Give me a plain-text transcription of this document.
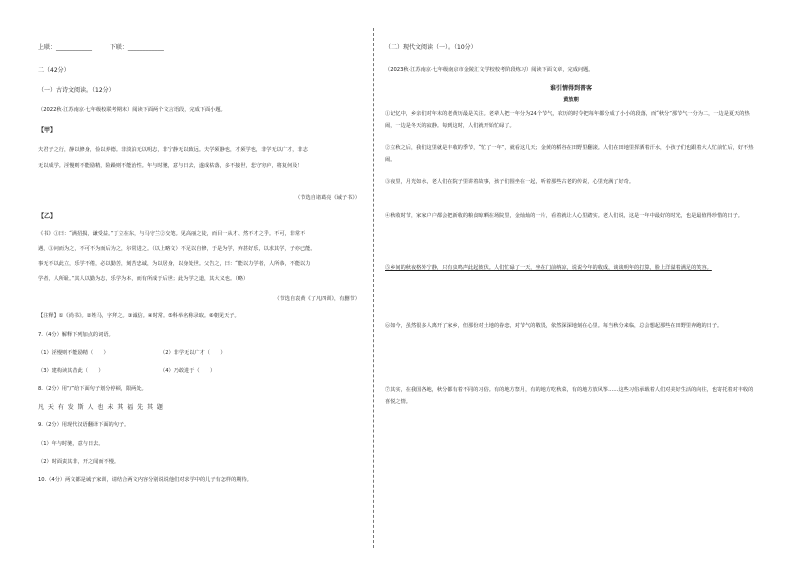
上联：____________	下联：____________
二（42分）
（一）古诗文阅读。（12分）
（2022秋·江苏南京·七年级校联考期末）阅读下面两个文言语段，完成下面小题。
【甲】
夫君子之行，静以修身，俭以养德。非淡泊无以明志，非宁静无以致远。夫学须静也，才须学也，非学无以广才，非志
无以成学。淫慢则不能励精，险躁则不能治性。年与时驰，意与日去，遂成枯落，多不接世，悲守穷庐，将复何及！
（节选自诸葛亮《诫子书》）
【乙】
《书》①曰：“满招损，谦受益。”丁立在东，与马守兰②交笔。见高丽之徒，而目一从才、然不才之乎。不可，非常不
遇，③问而为之，不可不为而后为之，尔常进之。（以上略文）不足以自修，于是为学，弃甚好乐，以求其学，子亦已能。
事无不以此立，乐学不倦，必以勤苦，刻苦忠诚，为以居身，以身处世。父告之，曰：“能以力学者，人所恭，不能以力
学者，人所耻。”其人以勤为志，乐学为本，而有所成于后世；此为学之道，其大义也。（略）
（节选自袁黄《了凡四训》，有删节）
【注释】①《尚书》。②姓马，字拜之。③诚信。④时常。⑤科举名称录取。⑥朝见天子。
7.（4分）解释下列加点的词语。
（1）淫慢则不能励精（　　）	（2）非学无以广才（　　）
（3）建构读其昔此（　　）	（4）乃敢进于（　　）
8.（2分）用“/”给下面句子划分停顿，限两处。
凡 天 有 发 斯 人 也 未 其 福 先 其 题
9.（2分）用现代汉语翻译下面的句子。
（1）年与时驰，意与日去。
（2）时面责其非，开之闻而不慢。
10.（4分）两文都是诫子家训，请结合两文内容分别说说他们对求学中的儿子有怎样的期待。
（二）现代文阅读（一）。（10分）
（2023秋·江苏南京·七年级南京市金陵汇文学校校考阶段练习）阅读下面文章，完成问题。
谁引情得到普客
黄放朝
①记忆中，乡亲们对年末的老黄历最是关注。老辈人把一年分为24个节气，农历的时令把每年都分成了小小的段落，而“秋分”那节气一分为二，一边是夏天的热闹，一边是冬天的寂静。每到这时，人们就开始忙碌了。
②立秋之后，我们这里就是丰收的季节，“忙了一年”，就看这几天；金黄的稻谷在田野里翻滚。人们在田地里挥洒着汗水，小孩子们也跟着大人忙前忙后，好不热闹。
③夜里，月光如水，老人们在院子里讲着故事，孩子们围坐在一起，听着那些古老的传说，心里充满了好奇。
④秋收时节，家家户户都会把新收的粮食晾晒在场院里，金灿灿的一片，看着就让人心里踏实。老人们说，这是一年中最好的时光，也是最值得珍惜的日子。
⑤乡间的秋夜格外宁静，只有虫鸣声此起彼伏。人们忙碌了一天，坐在门前纳凉，说说今年的收成，谈谈明年的打算，脸上洋溢着满足的笑容。
⑥如今，虽然很多人离开了家乡，但那份对土地的眷恋，对节气的敬畏，依然深深地刻在心里。每当秋分来临，总会想起那些在田野里奔跑的日子。
⑦其实，在我国各地，秋分都有着不同的习俗。有的地方祭月，有的地方吃秋菜，有的地方放风筝……这些习俗承载着人们对美好生活的向往，也寄托着对丰收的喜悦之情。
